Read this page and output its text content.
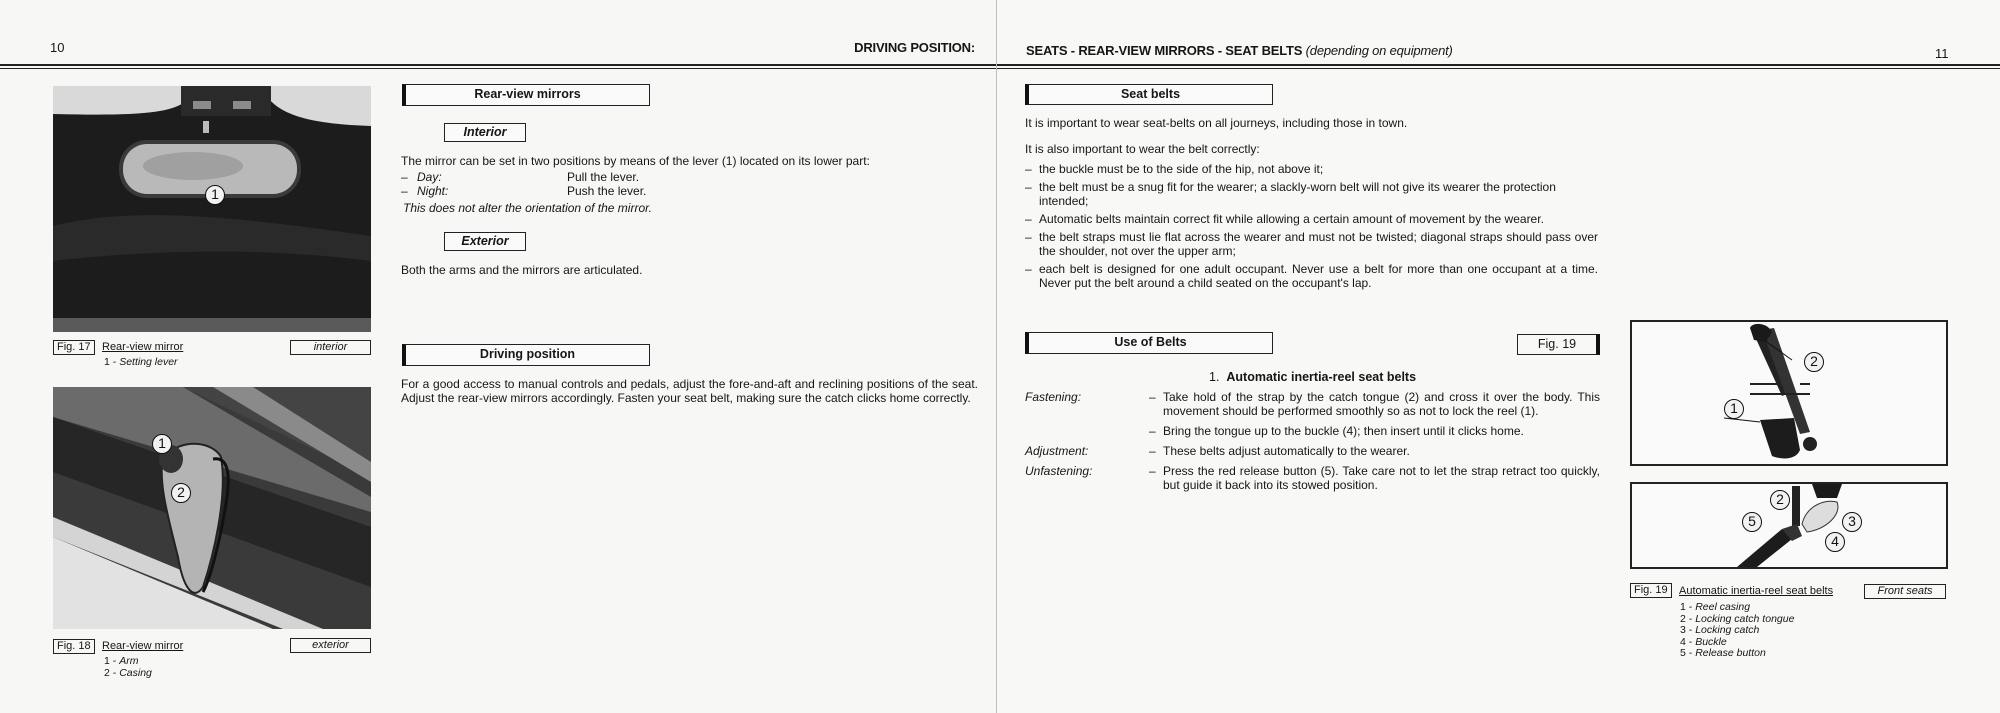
10	DRIVING POSITION:
1
Fig. 17	Rear-view mirror	interior
1 - Setting lever
1
2
Fig. 18	Rear-view mirror	exterior
1 - Arm
2 - Casing
Rear-view mirrors
Interior
The mirror can be set in two positions by means of the lever (1) located on its lower part:
– Day:	Pull the lever.
– Night:	Push the lever.
This does not alter the orientation of the mirror.
Exterior
Both the arms and the mirrors are articulated.
Driving position
For a good access to manual controls and pedals, adjust the fore-and-aft and reclining positions of the seat. Adjust the rear-view mirrors accordingly. Fasten your seat belt, making sure the catch clicks home correctly.
SEATS - REAR-VIEW MIRRORS - SEAT BELTS (depending on equipment)	11
Seat belts
It is important to wear seat-belts on all journeys, including those in town.
It is also important to wear the belt correctly:
– the buckle must be to the side of the hip, not above it;
– the belt must be a snug fit for the wearer; a slackly-worn belt will not give its wearer the protection intended;
– Automatic belts maintain correct fit while allowing a certain amount of movement by the wearer.
– the belt straps must lie flat across the wearer and must not be twisted; diagonal straps should pass over the shoulder, not over the upper arm;
– each belt is designed for one adult occupant. Never use a belt for more than one occupant at a time. Never put the belt around a child seated on the occupant's lap.
Use of Belts	Fig. 19
1. Automatic inertia-reel seat belts
Fastening:	– Take hold of the strap by the catch tongue (2) and cross it over the body. This movement should be performed smoothly so as not to lock the reel (1).
– Bring the tongue up to the buckle (4); then insert until it clicks home.
Adjustment:	– These belts adjust automatically to the wearer.
Unfastening:	– Press the red release button (5). Take care not to let the strap retract too quickly, but guide it back into its stowed position.
2
1
2
3
4
5
Fig. 19	Automatic inertia-reel seat belts	Front seats
1 - Reel casing
2 - Locking catch tongue
3 - Locking catch
4 - Buckle
5 - Release button
